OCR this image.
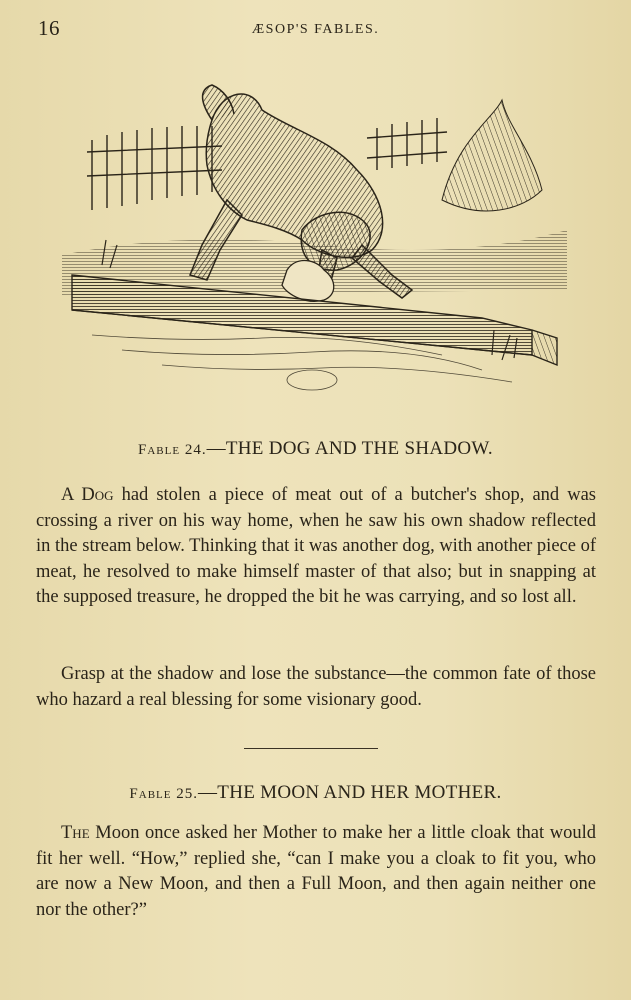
16	ÆSOP'S FABLES.
Fable 24.—THE DOG AND THE SHADOW.
A Dog had stolen a piece of meat out of a butcher's shop, and was crossing a river on his way home, when he saw his own shadow reflected in the stream below. Thinking that it was another dog, with another piece of meat, he resolved to make himself master of that also; but in snapping at the supposed treasure, he dropped the bit he was carrying, and so lost all.
Grasp at the shadow and lose the substance—the common fate of those who hazard a real blessing for some visionary good.
Fable 25.—THE MOON AND HER MOTHER.
The Moon once asked her Mother to make her a little cloak that would fit her well. “How,” replied she, “can I make you a cloak to fit you, who are now a New Moon, and then a Full Moon, and then again neither one nor the other?”
